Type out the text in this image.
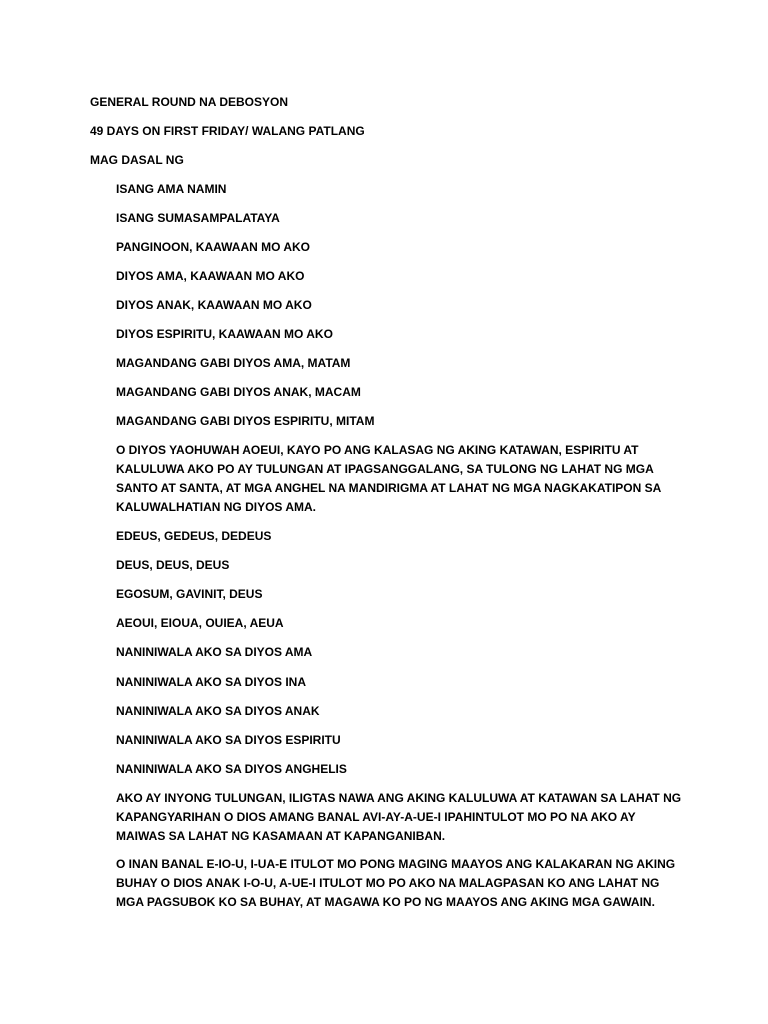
GENERAL ROUND NA DEBOSYON
49 DAYS ON FIRST FRIDAY/ WALANG PATLANG
MAG DASAL NG
ISANG AMA NAMIN
ISANG SUMASAMPALATAYA
PANGINOON, KAAWAAN MO AKO
DIYOS AMA, KAAWAAN MO AKO
DIYOS ANAK, KAAWAAN MO AKO
DIYOS ESPIRITU, KAAWAAN MO AKO
MAGANDANG GABI DIYOS AMA, MATAM
MAGANDANG GABI DIYOS ANAK, MACAM
MAGANDANG GABI DIYOS ESPIRITU, MITAM
O DIYOS YAOHUWAH AOEUI, KAYO PO ANG KALASAG NG AKING KATAWAN, ESPIRITU AT
KALULUWA AKO PO AY TULUNGAN AT IPAGSANGGALANG, SA TULONG NG LAHAT NG MGA
SANTO AT SANTA, AT MGA ANGHEL NA MANDIRIGMA AT LAHAT NG MGA NAGKAKATIPON SA
KALUWALHATIAN NG DIYOS AMA.
EDEUS, GEDEUS, DEDEUS
DEUS, DEUS, DEUS
EGOSUM, GAVINIT, DEUS
AEOUI, EIOUA, OUIEA, AEUA
NANINIWALA AKO SA DIYOS AMA
NANINIWALA AKO SA DIYOS INA
NANINIWALA AKO SA DIYOS ANAK
NANINIWALA AKO SA DIYOS ESPIRITU
NANINIWALA AKO SA DIYOS ANGHELIS
AKO AY INYONG TULUNGAN, ILIGTAS NAWA ANG AKING KALULUWA AT KATAWAN SA LAHAT NG
KAPANGYARIHAN O DIOS AMANG BANAL AVI-AY-A-UE-I IPAHINTULOT MO PO NA AKO AY
MAIWAS SA LAHAT NG KASAMAAN AT KAPANGANIBAN.
O INAN BANAL E-IO-U, I-UA-E ITULOT MO PONG MAGING MAAYOS ANG KALAKARAN NG AKING
BUHAY O DIOS ANAK I-O-U, A-UE-I ITULOT MO PO AKO NA MALAGPASAN KO ANG LAHAT NG
MGA PAGSUBOK KO SA BUHAY, AT MAGAWA KO PO NG MAAYOS ANG AKING MGA GAWAIN.
